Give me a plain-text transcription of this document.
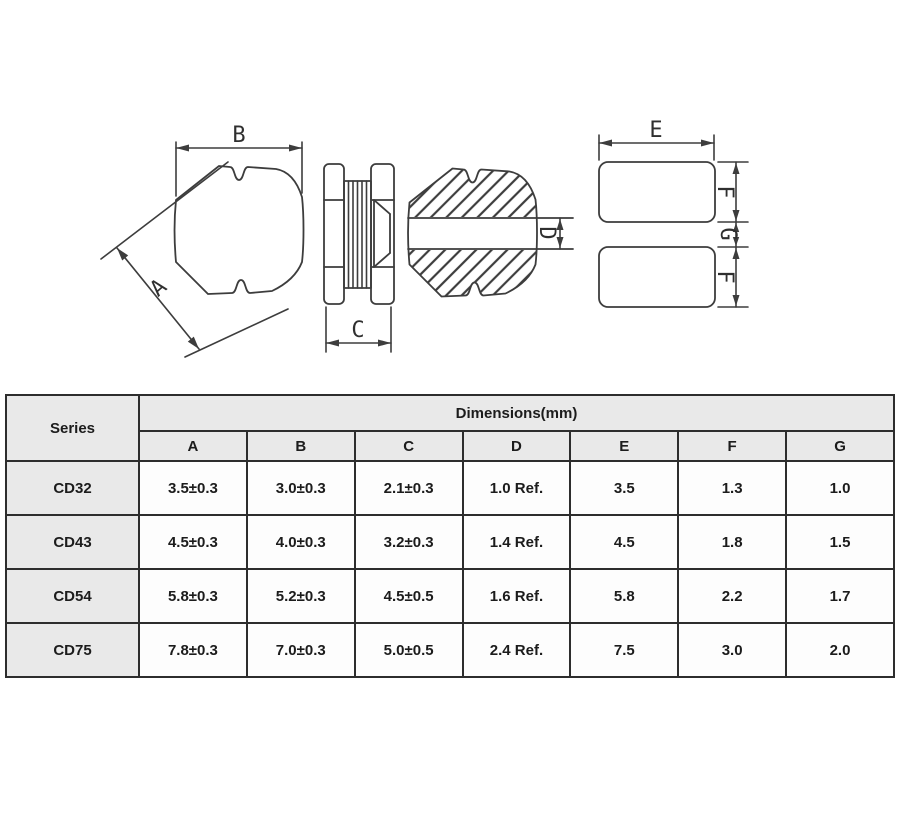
B
A
C
D
E
F
G
F
Series	Dimensions(mm)						
	A	B	C	D	E	F	G
CD32	3.5±0.3	3.0±0.3	2.1±0.3	1.0 Ref.	3.5	1.3	1.0
CD43	4.5±0.3	4.0±0.3	3.2±0.3	1.4 Ref.	4.5	1.8	1.5
CD54	5.8±0.3	5.2±0.3	4.5±0.5	1.6 Ref.	5.8	2.2	1.7
CD75	7.8±0.3	7.0±0.3	5.0±0.5	2.4 Ref.	7.5	3.0	2.0
